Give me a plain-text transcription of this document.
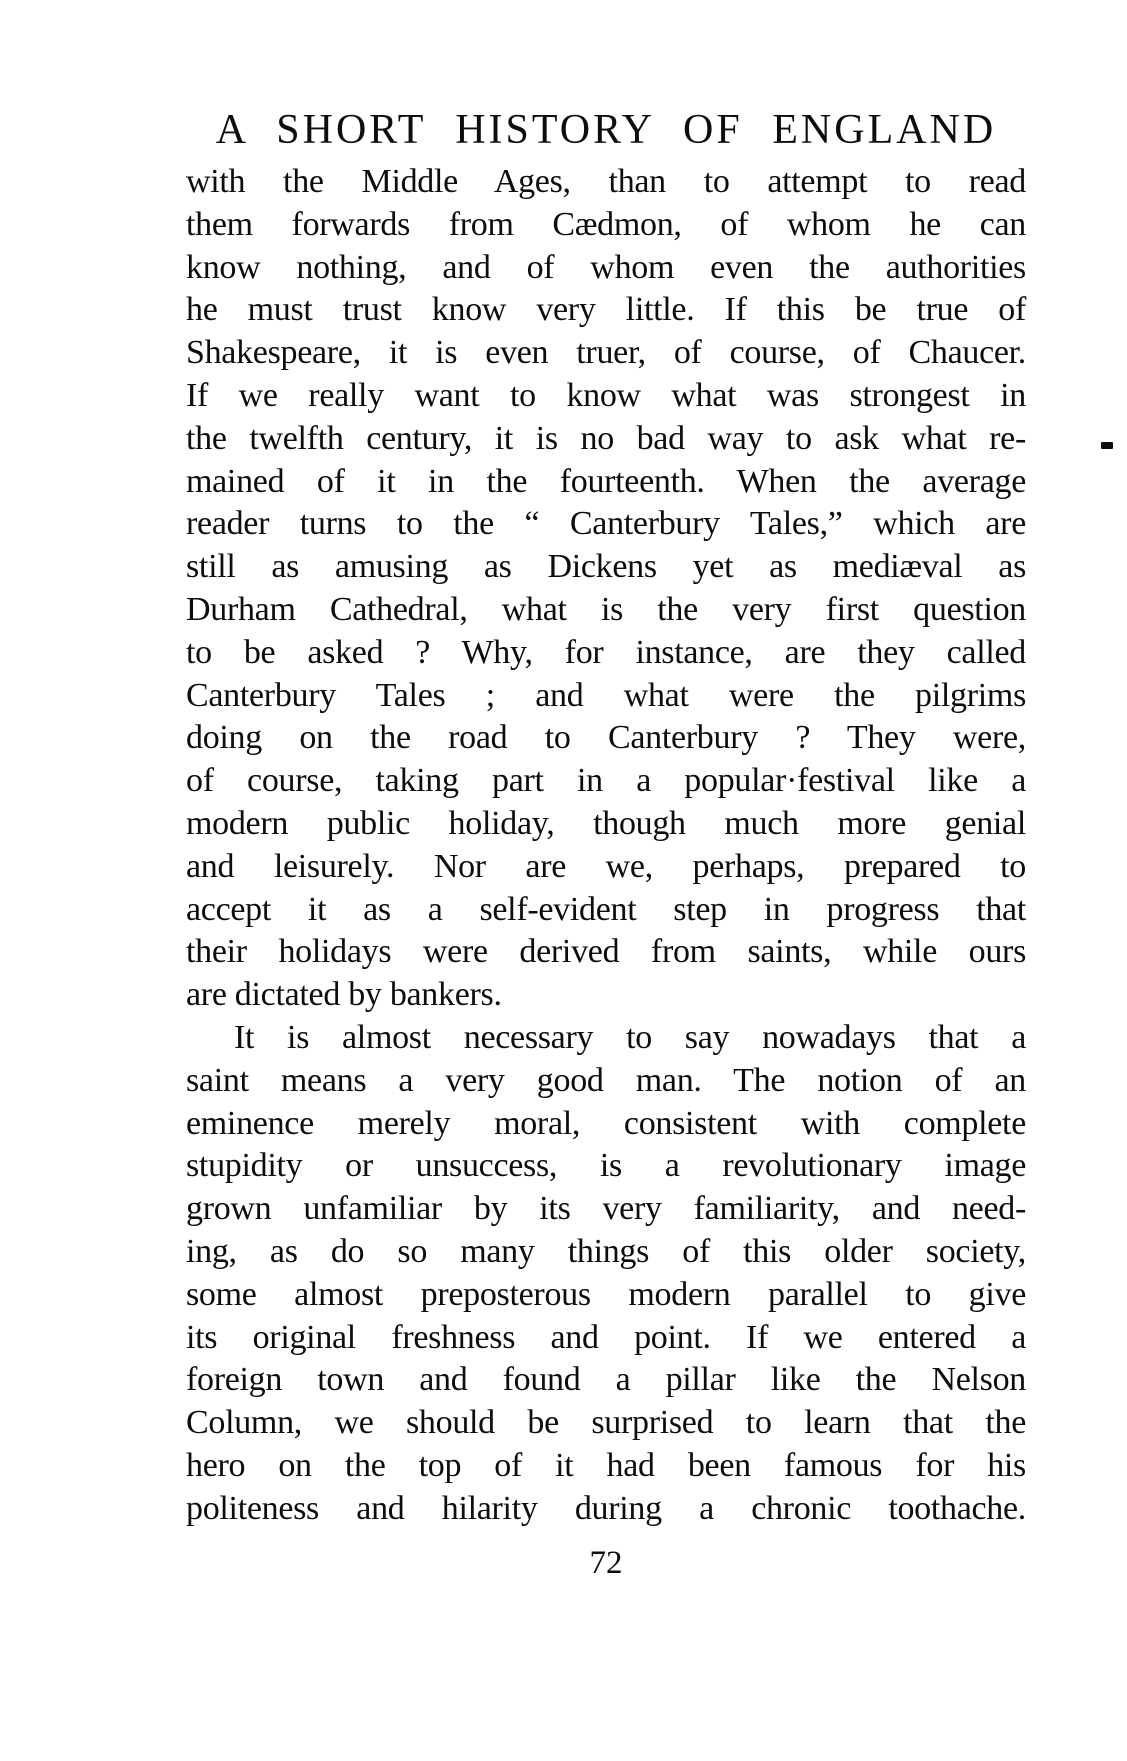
A SHORT HISTORY OF ENGLAND
with the Middle Ages, than to attempt to read
them forwards from Cædmon, of whom he can
know nothing, and of whom even the authorities
he must trust know very little. If this be true of
Shakespeare, it is even truer, of course, of Chaucer.
If we really want to know what was strongest in
the twelfth century, it is no bad way to ask what re-
mained of it in the fourteenth. When the average
reader turns to the “ Canterbury Tales,” which are
still as amusing as Dickens yet as mediæval as
Durham Cathedral, what is the very first question
to be asked ? Why, for instance, are they called
Canterbury Tales ; and what were the pilgrims
doing on the road to Canterbury ? They were,
of course, taking part in a popular·festival like a
modern public holiday, though much more genial
and leisurely. Nor are we, perhaps, prepared to
accept it as a self-evident step in progress that
their holidays were derived from saints, while ours
are dictated by bankers.
It is almost necessary to say nowadays that a
saint means a very good man. The notion of an
eminence merely moral, consistent with complete
stupidity or unsuccess, is a revolutionary image
grown unfamiliar by its very familiarity, and need-
ing, as do so many things of this older society,
some almost preposterous modern parallel to give
its original freshness and point. If we entered a
foreign town and found a pillar like the Nelson
Column, we should be surprised to learn that the
hero on the top of it had been famous for his
politeness and hilarity during a chronic toothache.
72
